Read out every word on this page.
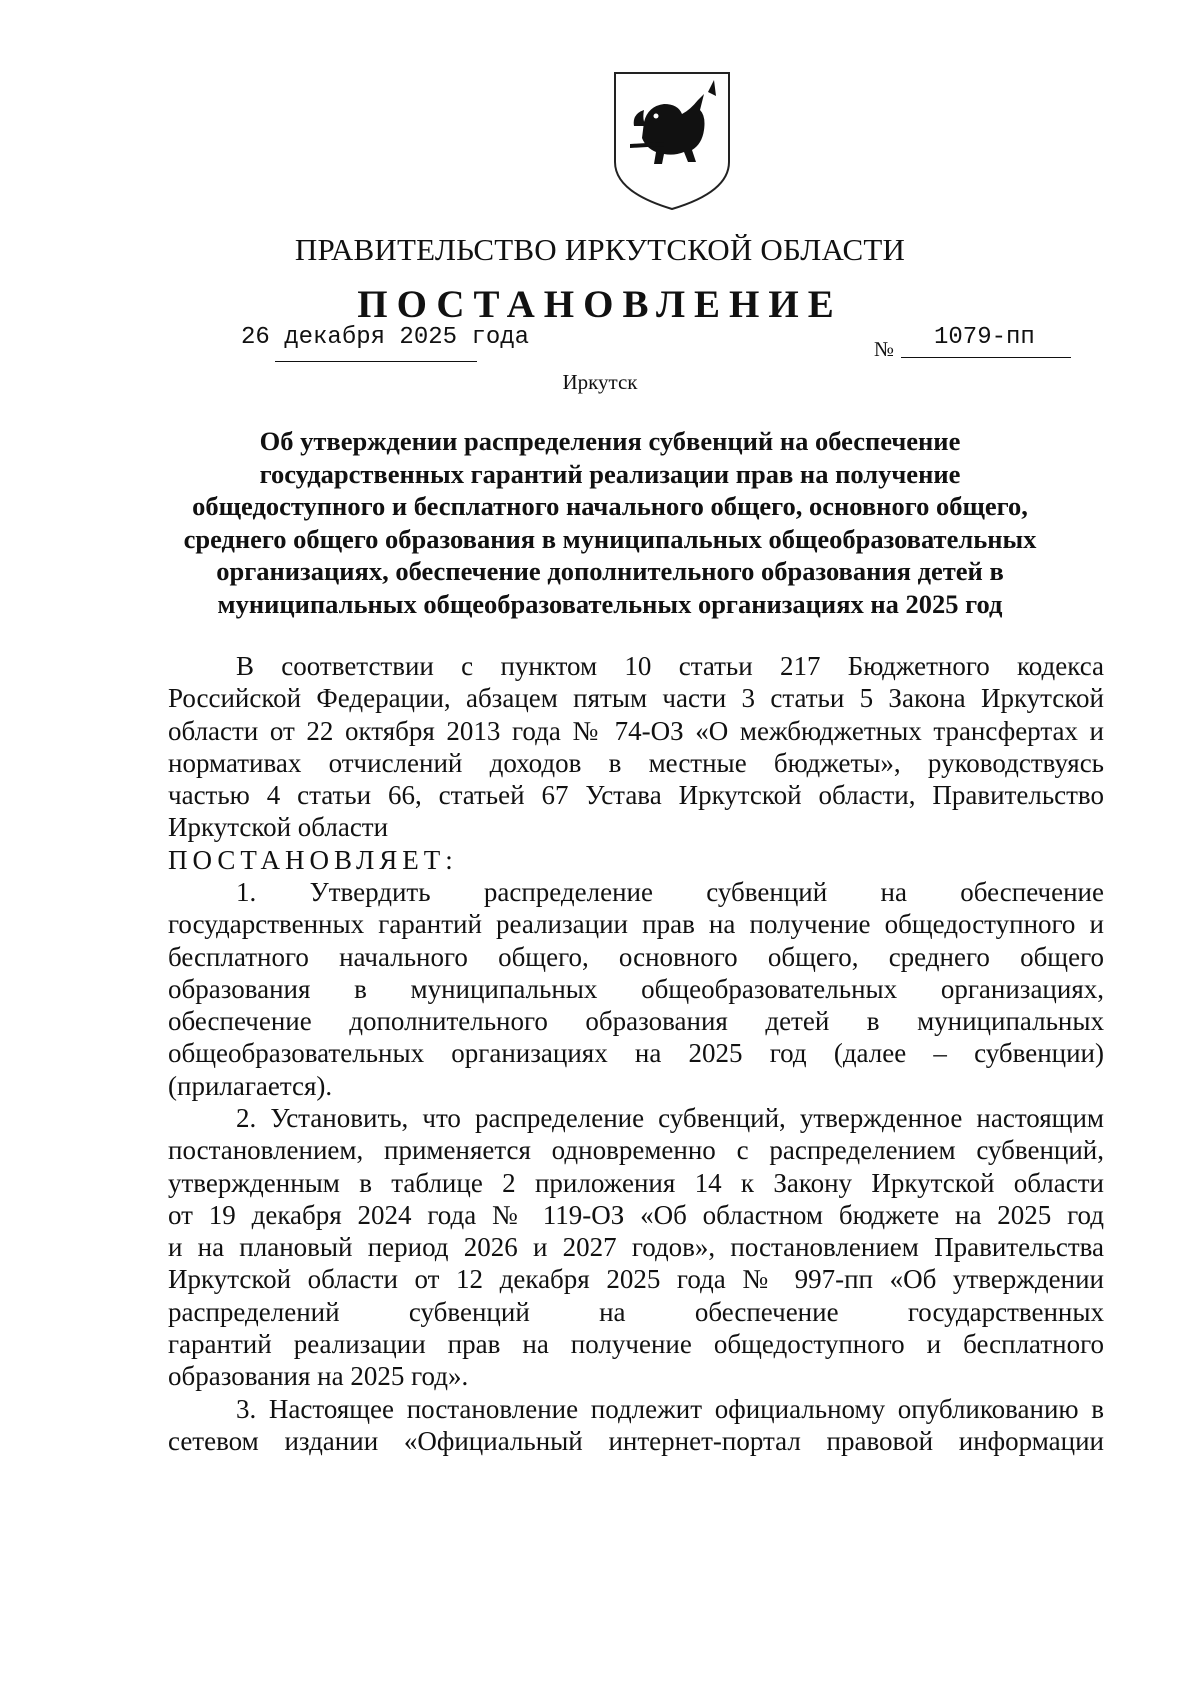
ПРАВИТЕЛЬСТВО ИРКУТСКОЙ ОБЛАСТИ
ПОСТАНОВЛЕНИЕ
26 декабря 2025 года	№ 1079-пп
Иркутск
Об утверждении распределения субвенций на обеспечение
государственных гарантий реализации прав на получение
общедоступного и бесплатного начального общего, основного общего,
среднего общего образования в муниципальных общеобразовательных
организациях, обеспечение дополнительного образования детей в
муниципальных общеобразовательных организациях на 2025 год
В соответствии с пунктом 10 статьи 217 Бюджетного кодекса
Российской Федерации, абзацем пятым части 3 статьи 5 Закона Иркутской
области от 22 октября 2013 года № 74-ОЗ «О межбюджетных трансфертах и
нормативах отчислений доходов в местные бюджеты», руководствуясь
частью 4 статьи 66, статьей 67 Устава Иркутской области, Правительство
Иркутской области
ПОСТАНОВЛЯЕТ:
1. Утвердить распределение субвенций на обеспечение
государственных гарантий реализации прав на получение общедоступного и
бесплатного начального общего, основного общего, среднего общего
образования в муниципальных общеобразовательных организациях,
обеспечение дополнительного образования детей в муниципальных
общеобразовательных организациях на 2025 год (далее – субвенции)
(прилагается).
2. Установить, что распределение субвенций, утвержденное настоящим
постановлением, применяется одновременно с распределением субвенций,
утвержденным в таблице 2 приложения 14 к Закону Иркутской области
от 19 декабря 2024 года № 119-ОЗ «Об областном бюджете на 2025 год
и на плановый период 2026 и 2027 годов», постановлением Правительства
Иркутской области от 12 декабря 2025 года № 997-пп «Об утверждении
распределений субвенций на обеспечение государственных
гарантий реализации прав на получение общедоступного и бесплатного
образования на 2025 год».
3. Настоящее постановление подлежит официальному опубликованию в
сетевом издании «Официальный интернет-портал правовой информации
